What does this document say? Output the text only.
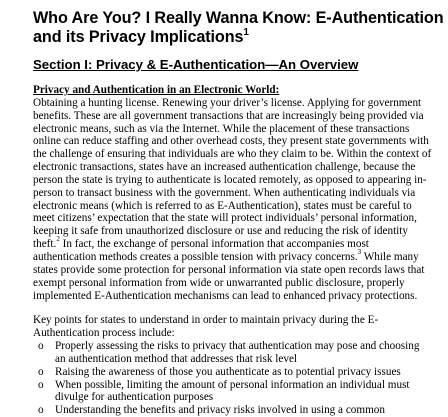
Who Are You? I Really Wanna Know: E-Authentication
and its Privacy Implications$^1$
Section I: Privacy & E-Authentication—An Overview
Privacy and Authentication in an Electronic World:
Obtaining a hunting license. Renewing your driver’s license. Applying for government
benefits. These are all government transactions that are increasingly being provided via
electronic means, such as via the Internet. While the placement of these transactions
online can reduce staffing and other overhead costs, they present state governments with
the challenge of ensuring that individuals are who they claim to be. Within the context of
electronic transactions, states have an increased authentication challenge, because the
person the state is trying to authenticate is located remotely, as opposed to appearing in-
person to transact business with the government. When authenticating individuals via
electronic means (which is referred to as E-Authentication), states must be careful to
meet citizens’ expectation that the state will protect individuals’ personal information,
keeping it safe from unauthorized disclosure or use and reducing the risk of identity
theft.$^2$ In fact, the exchange of personal information that accompanies most
authentication methods creates a possible tension with privacy concerns.$^3$ While many
states provide some protection for personal information via state open records laws that
exempt personal information from wide or unwarranted public disclosure, properly
implemented E-Authentication mechanisms can lead to enhanced privacy protections.
Key points for states to understand in order to maintain privacy during the E-
Authentication process include:
o Properly assessing the risks to privacy that authentication may pose and choosing
an authentication method that addresses that risk level
o Raising the awareness of those you authenticate as to potential privacy issues
o When possible, limiting the amount of personal information an individual must
divulge for authentication purposes
o Understanding the benefits and privacy risks involved in using a common
